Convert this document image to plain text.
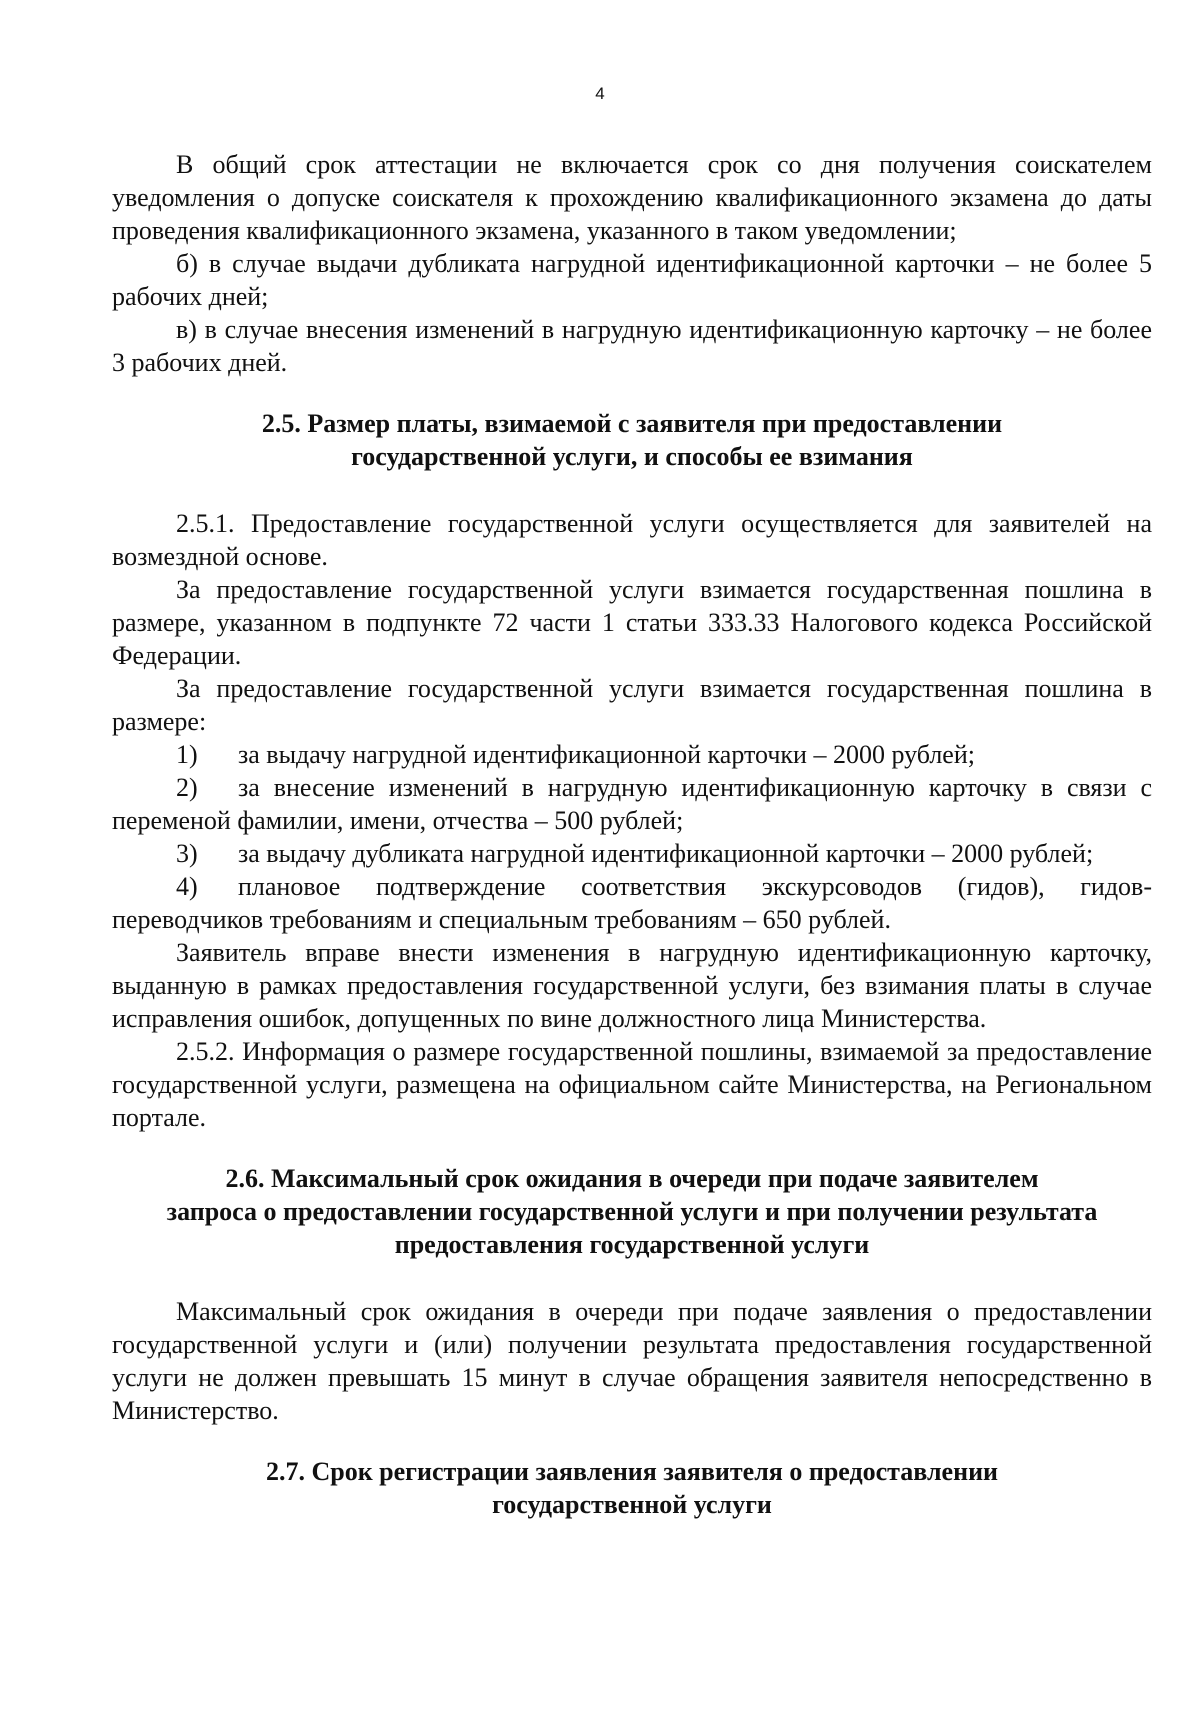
4

В общий срок аттестации не включается срок со дня получения соискателем уведомления о допуске соискателя к прохождению квалификационного экзамена до даты проведения квалификационного экзамена, указанного в таком уведомлении;

б) в случае выдачи дубликата нагрудной идентификационной карточки – не более 5 рабочих дней;

в) в случае внесения изменений в нагрудную идентификационную карточку – не более 3 рабочих дней.

2.5. Размер платы, взимаемой с заявителя при предоставлении
государственной услуги, и способы ее взимания

2.5.1. Предоставление государственной услуги осуществляется для заявителей на возмездной основе.

За предоставление государственной услуги взимается государственная пошлина в размере, указанном в подпункте 72 части 1 статьи 333.33 Налогового кодекса Российской Федерации.

За предоставление государственной услуги взимается государственная пошлина в размере:

1) за выдачу нагрудной идентификационной карточки – 2000 рублей;

2) за внесение изменений в нагрудную идентификационную карточку в связи с переменой фамилии, имени, отчества – 500 рублей;

3) за выдачу дубликата нагрудной идентификационной карточки – 2000 рублей;

4) плановое подтверждение соответствия экскурсоводов (гидов), гидов-переводчиков требованиям и специальным требованиям – 650 рублей.

Заявитель вправе внести изменения в нагрудную идентификационную карточку, выданную в рамках предоставления государственной услуги, без взимания платы в случае исправления ошибок, допущенных по вине должностного лица Министерства.

2.5.2. Информация о размере государственной пошлины, взимаемой за предоставление государственной услуги, размещена на официальном сайте Министерства, на Региональном портале.

2.6. Максимальный срок ожидания в очереди при подаче заявителем
запроса о предоставлении государственной услуги и при получении результата
предоставления государственной услуги

Максимальный срок ожидания в очереди при подаче заявления о предоставлении государственной услуги и (или) получении результата предоставления государственной услуги не должен превышать 15 минут в случае обращения заявителя непосредственно в Министерство.

2.7. Срок регистрации заявления заявителя о предоставлении
государственной услуги
